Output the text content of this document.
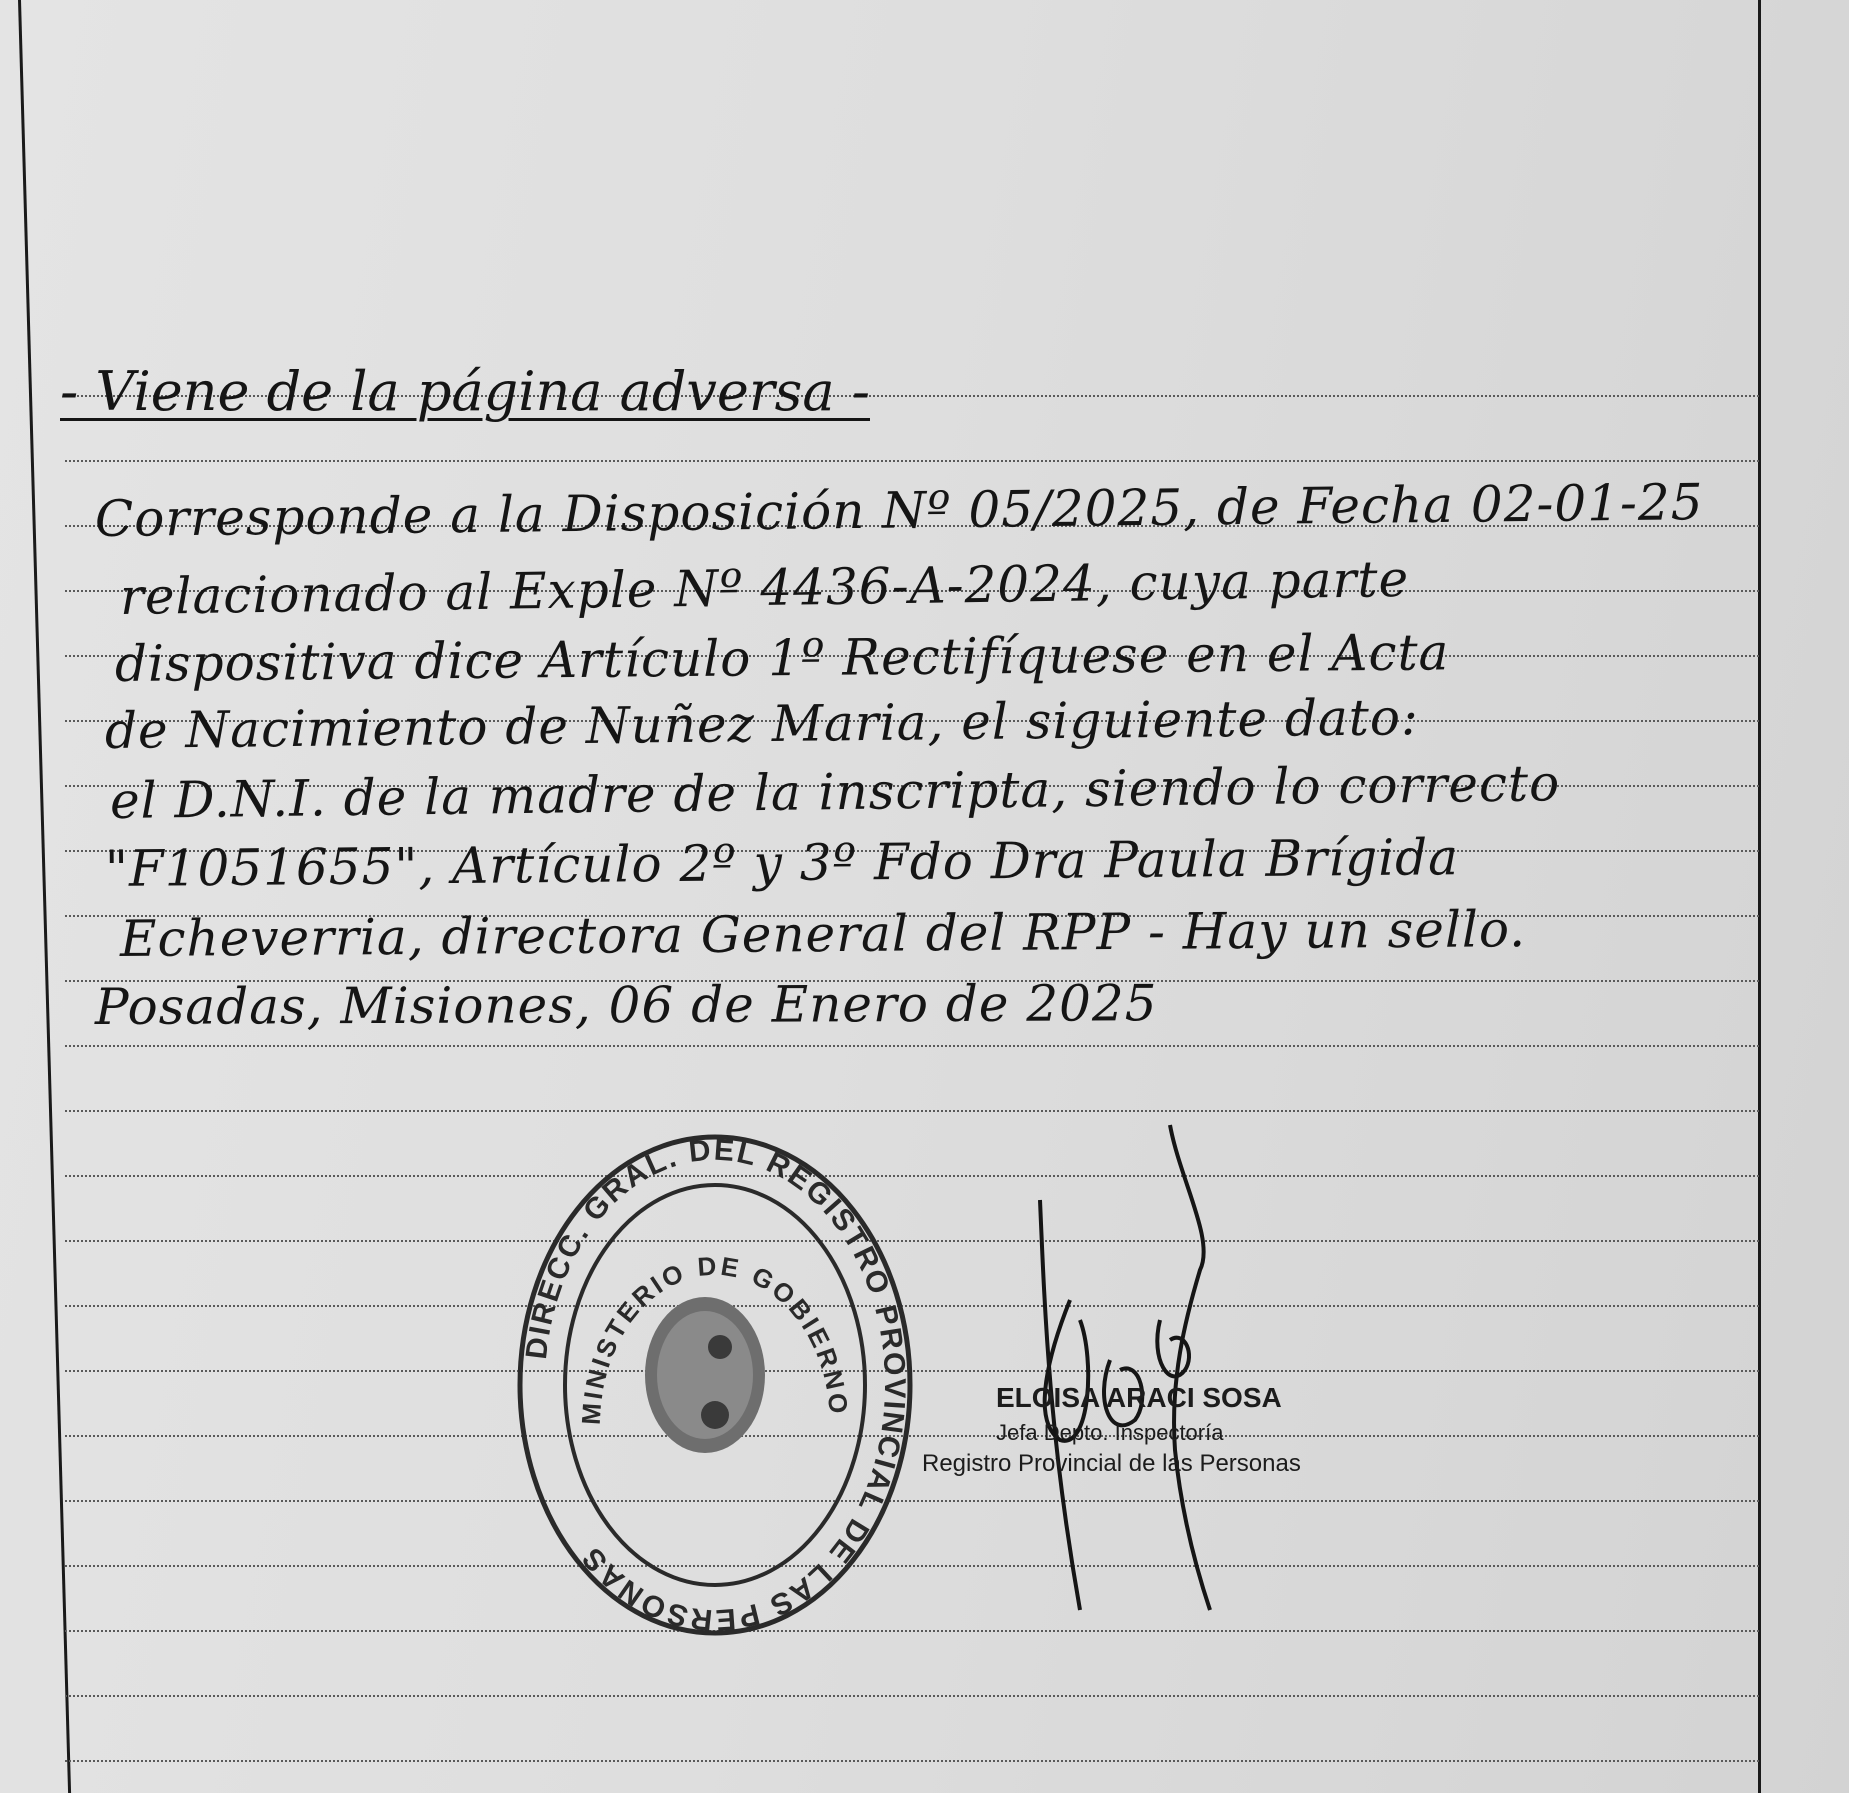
- Viene de la página adversa -
Corresponde a la Disposición Nº 05/2025, de Fecha 02-01-25
relacionado al Exple Nº 4436-A-2024, cuya parte
dispositiva dice Artículo 1º Rectifíquese en el Acta
de Nacimiento de Nuñez Maria, el siguiente dato:
el D.N.I. de la madre de la inscripta, siendo lo correcto
"F1051655", Artículo 2º y 3º Fdo Dra Paula Brígida
Echeverria, directora General del RPP - Hay un sello.
Posadas, Misiones, 06 de Enero de 2025
DIRECC. GRAL. DEL REGISTRO PROVINCIAL DE LAS PERSONAS
MINISTERIO DE GOBIERNO	ELOISA ARACI SOSA
Jefa Depto. Inspectoría
Registro Provincial de las Personas
